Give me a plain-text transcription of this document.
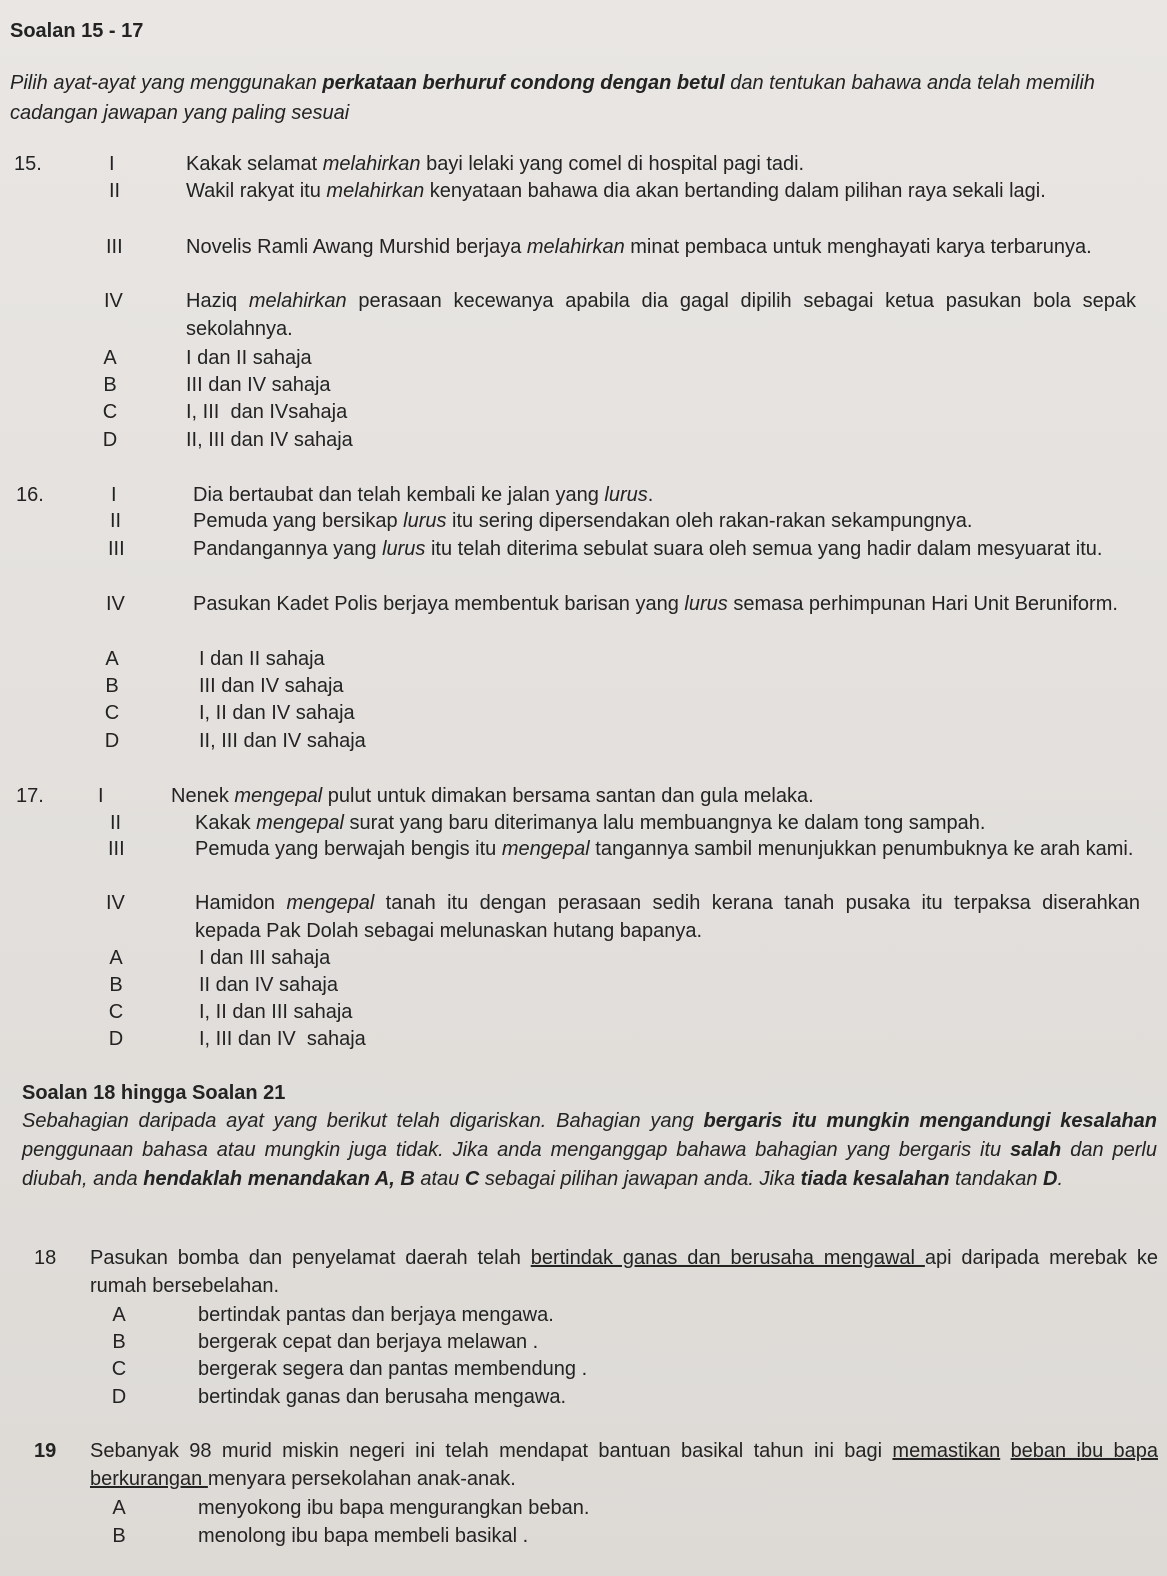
Soalan 15 - 17
Pilih ayat-ayat yang menggunakan perkataan berhuruf condong dengan betul dan tentukan bahawa anda telah memilih cadangan jawapan yang paling sesuai
15.	I	Kakak selamat melahirkan bayi lelaki yang comel di hospital pagi tadi.
II	Wakil rakyat itu melahirkan kenyataan bahawa dia akan bertanding dalam pilihan raya sekali lagi.
III	Novelis Ramli Awang Murshid berjaya melahirkan minat pembaca untuk menghayati karya terbarunya.
IV	Haziq melahirkan perasaan kecewanya apabila dia gagal dipilih sebagai ketua pasukan bola sepak sekolahnya.
A	I dan II sahaja
B	III dan IV sahaja
C	I, III  dan IVsahaja
D	II, III dan IV sahaja
16.	I	Dia bertaubat dan telah kembali ke jalan yang lurus.
II	Pemuda yang bersikap lurus itu sering dipersendakan oleh rakan-rakan sekampungnya.
III	Pandangannya yang lurus itu telah diterima sebulat suara oleh semua yang hadir dalam mesyuarat itu.
IV	Pasukan Kadet Polis berjaya membentuk barisan yang lurus semasa perhimpunan Hari Unit Beruniform.
A	I dan II sahaja
B	III dan IV sahaja
C	I, II dan IV sahaja
D	II, III dan IV sahaja
17.	I	Nenek mengepal pulut untuk dimakan bersama santan dan gula melaka.
II	Kakak mengepal surat yang baru diterimanya lalu membuangnya ke dalam tong sampah.
III	Pemuda yang berwajah bengis itu mengepal tangannya sambil menunjukkan penumbuknya ke arah kami.
IV	Hamidon mengepal tanah itu dengan perasaan sedih kerana tanah pusaka itu terpaksa diserahkan kepada Pak Dolah sebagai melunaskan hutang bapanya.
A	I dan III sahaja
B	II dan IV sahaja
C	I, II dan III sahaja
D	I, III dan IV  sahaja
Soalan 18 hingga Soalan 21
Sebahagian daripada ayat yang berikut telah digariskan. Bahagian yang bergaris itu mungkin mengandungi kesalahan penggunaan bahasa atau mungkin juga tidak. Jika anda menganggap bahawa bahagian yang bergaris itu salah dan perlu diubah, anda hendaklah menandakan A, B atau C sebagai pilihan jawapan anda. Jika tiada kesalahan tandakan D.
18 Pasukan bomba dan penyelamat daerah telah bertindak ganas dan berusaha mengawal api daripada merebak ke rumah bersebelahan.
A	bertindak pantas dan berjaya mengawa.
B	bergerak cepat dan berjaya melawan .
C	bergerak segera dan pantas membendung .
D	bertindak ganas dan berusaha mengawa.
19 Sebanyak 98 murid miskin negeri ini telah mendapat bantuan basikal tahun ini bagi memastikan beban ibu bapa berkurangan menyara persekolahan anak-anak.
A	menyokong ibu bapa mengurangkan beban.
B	menolong ibu bapa membeli basikal .
